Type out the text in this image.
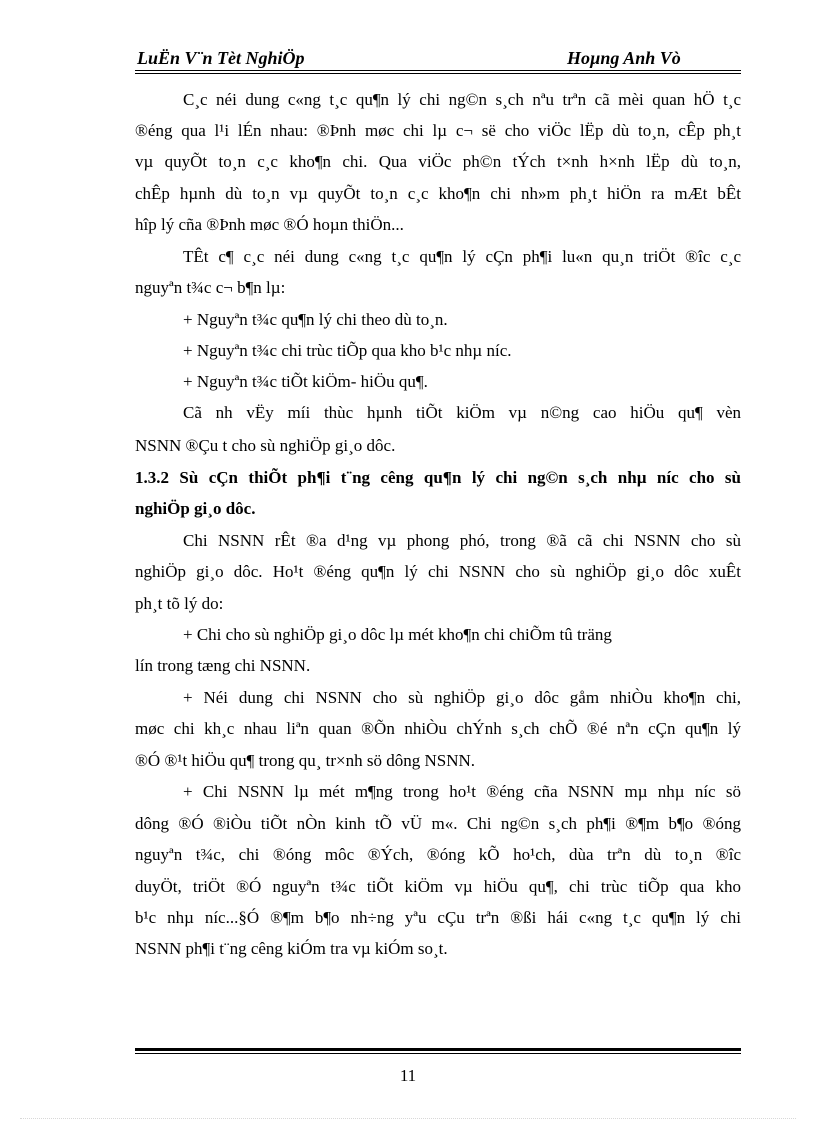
LuËn V¨n Tèt NghiÖp	Hoµng Anh Vò
C¸c néi dung c«ng t¸c qu¶n lý chi ng©n s¸ch nªu trªn cã mèi quan hÖ t¸c
®éng qua l¹i lÉn nhau: ®Þnh møc chi lµ c¬ së cho viÖc lËp dù to¸n, cÊp ph¸t
vµ quyÕt to¸n c¸c kho¶n chi. Qua viÖc ph©n tÝch t×nh h×nh lËp dù to¸n,
chÊp hµnh dù to¸n vµ quyÕt to¸n c¸c kho¶n chi nh»m ph¸t hiÖn ra mÆt bÊt
hîp lý cña ®Þnh møc ®Ó hoµn thiÖn...
TÊt c¶ c¸c néi dung c«ng t¸c qu¶n lý cÇn ph¶i lu«n qu¸n triÖt ®îc c¸c
nguyªn t¾c c¬ b¶n lµ:
+ Nguyªn t¾c qu¶n lý chi theo dù to¸n.
+ Nguyªn t¾c chi trùc tiÕp qua kho b¹c nhµ níc.
+ Nguyªn t¾c tiÕt kiÖm- hiÖu qu¶.
Cã nh vËy míi thùc hµnh tiÕt kiÖm vµ n©ng cao hiÖu qu¶ vèn
NSNN ®Çu t cho sù nghiÖp gi¸o dôc.
1.3.2 Sù cÇn thiÕt ph¶i t¨ng cêng qu¶n lý chi ng©n s¸ch nhµ níc cho sù
nghiÖp gi¸o dôc.
Chi NSNN rÊt ®a d¹ng vµ phong phó, trong ®ã cã chi NSNN cho sù
nghiÖp gi¸o dôc. Ho¹t ®éng qu¶n lý chi NSNN cho sù nghiÖp gi¸o dôc xuÊt
ph¸t tõ lý do:
+ Chi cho sù nghiÖp gi¸o dôc lµ mét kho¶n chi chiÕm tû träng
lín trong tæng chi NSNN.
+ Néi dung chi NSNN cho sù nghiÖp gi¸o dôc gåm nhiÒu kho¶n chi,
møc chi kh¸c nhau liªn quan ®Õn nhiÒu chÝnh s¸ch chÕ ®é nªn cÇn qu¶n lý
®Ó ®¹t hiÖu qu¶ trong qu¸ tr×nh sö dông NSNN.
+ Chi NSNN lµ mét m¶ng trong ho¹t ®éng cña NSNN mµ nhµ níc sö
dông ®Ó ®iÒu tiÕt nÒn kinh tÕ vÜ m«. Chi ng©n s¸ch ph¶i ®¶m b¶o ®óng
nguyªn t¾c, chi ®óng môc ®Ých, ®óng kÕ ho¹ch, dùa trªn dù to¸n ®îc
duyÖt, triÖt ®Ó nguyªn t¾c tiÕt kiÖm vµ hiÖu qu¶, chi trùc tiÕp qua kho
b¹c nhµ níc...§Ó ®¶m b¶o nh÷ng yªu cÇu trªn ®ßi hái c«ng t¸c qu¶n lý chi
NSNN ph¶i t¨ng cêng kiÓm tra vµ kiÓm so¸t.
11
